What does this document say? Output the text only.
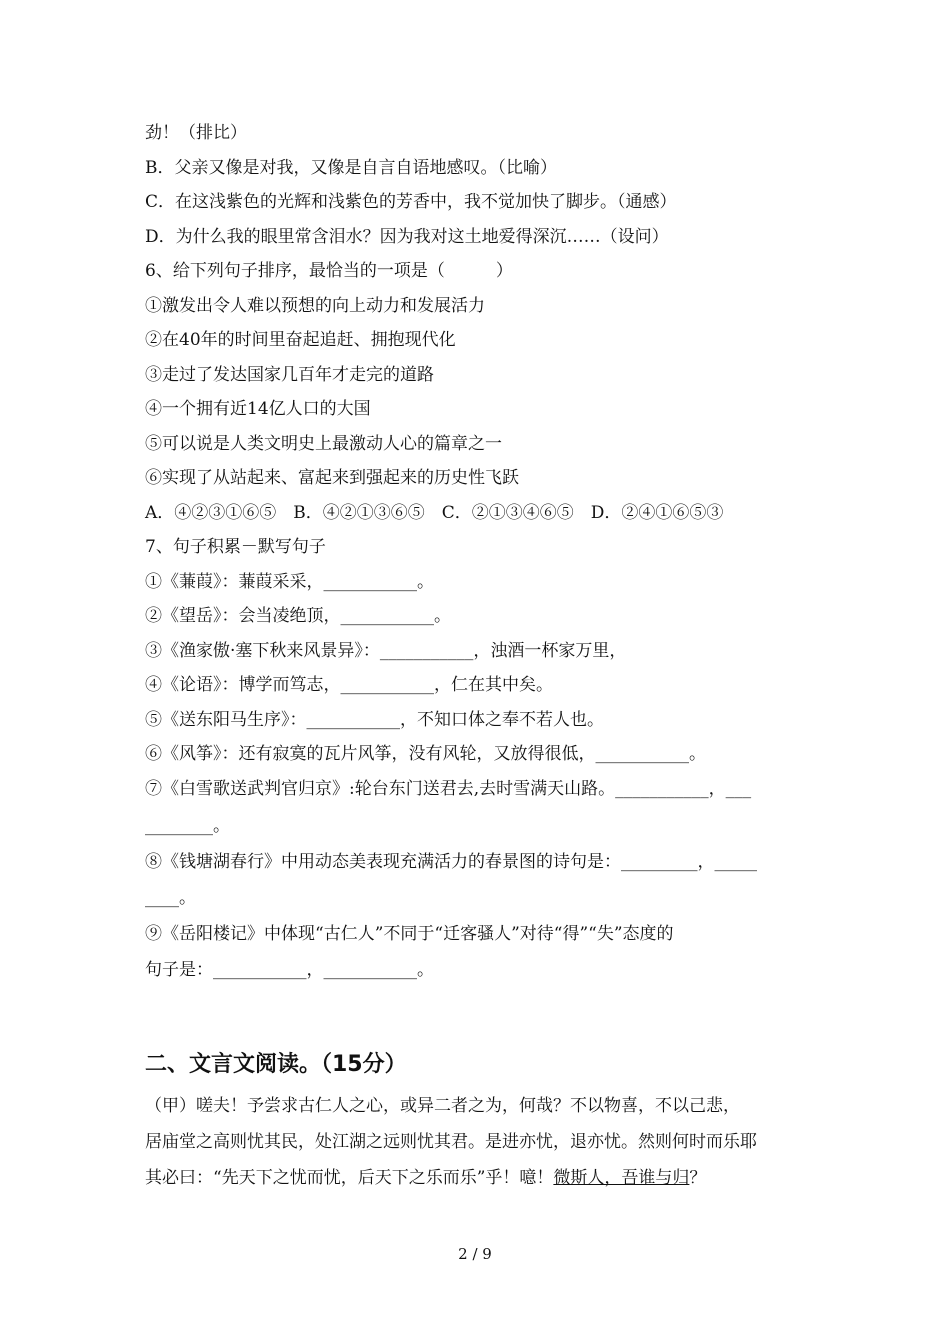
劲！（排比）
B．父亲又像是对我，又像是自言自语地感叹。（比喻）
C．在这浅紫色的光辉和浅紫色的芳香中，我不觉加快了脚步。（通感）
D．为什么我的眼里常含泪水？因为我对这土地爱得深沉……（设问）
6、给下列句子排序，最恰当的一项是（　　　）
①激发出令人难以预想的向上动力和发展活力
②在40年的时间里奋起追赶、拥抱现代化
③走过了发达国家几百年才走完的道路
④一个拥有近14亿人口的大国
⑤可以说是人类文明史上最激动人心的篇章之一
⑥实现了从站起来、富起来到强起来的历史性飞跃
A．④②③①⑥⑤　B．④②①③⑥⑤　C．②①③④⑥⑤　D．②④①⑥⑤③
7、句子积累－默写句子
①《蒹葭》：蒹葭采采，___________。
②《望岳》：会当凌绝顶，___________。
③《渔家傲·塞下秋来风景异》：___________，浊酒一杯家万里，
④《论语》：博学而笃志，___________，仁在其中矣。
⑤《送东阳马生序》：___________，不知口体之奉不若人也。
⑥《风筝》：还有寂寞的瓦片风筝，没有风轮，又放得很低，___________。
⑦《白雪歌送武判官归京》:轮台东门送君去,去时雪满天山路。___________，___
________。
⑧《钱塘湖春行》中用动态美表现充满活力的春景图的诗句是：_________，_____
____。
⑨《岳阳楼记》中体现“古仁人”不同于“迁客骚人”对待“得”“失”态度的
句子是：___________，___________。
二、文言文阅读。（15分）
（甲）嗟夫！予尝求古仁人之心，或异二者之为，何哉？不以物喜，不以己悲，
居庙堂之高则忧其民，处江湖之远则忧其君。是进亦忧，退亦忧。然则何时而乐耶
其必曰：“先天下之忧而忧，后天下之乐而乐”乎！噫！微斯人，吾谁与归？
2 / 9
